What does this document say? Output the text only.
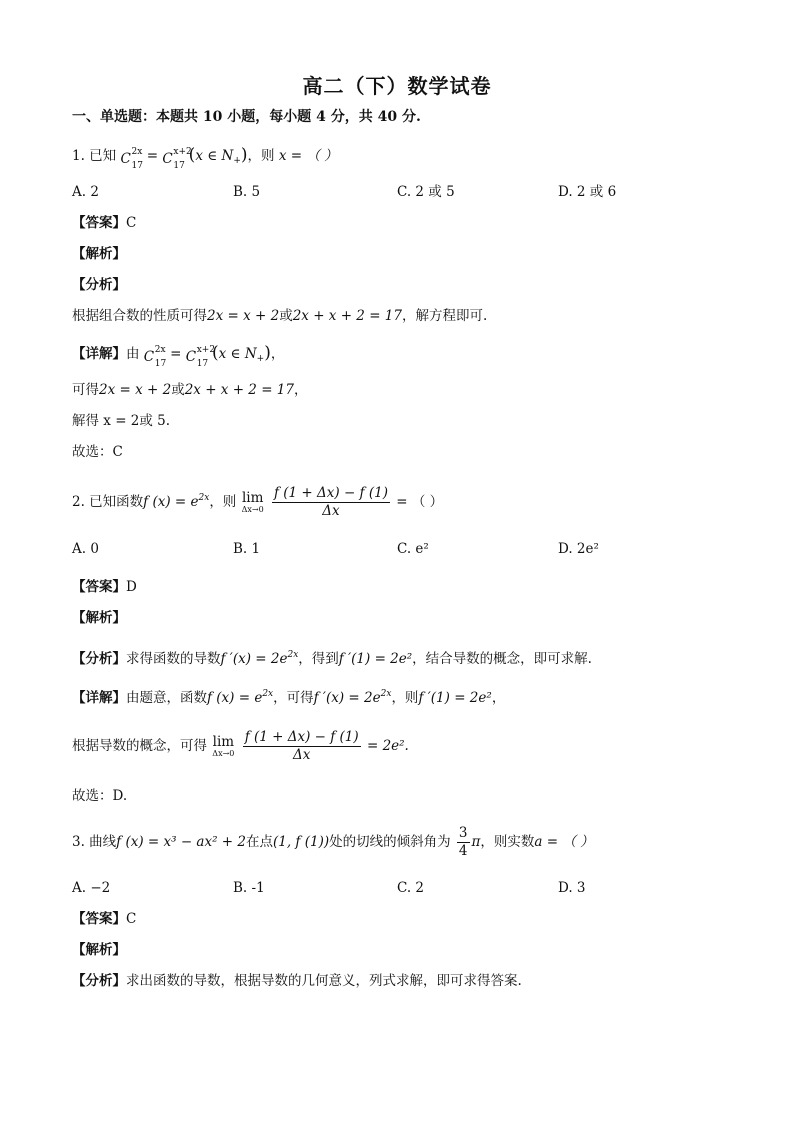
高二（下）数学试卷
一、单选题：本题共 10 小题，每小题 4 分，共 40 分.
1. 已知 C 2x
17
= C x+2
17
(x ∈ $N_+$)，则 x = （ ）
A. 2	B. 5	C. 2 或 5	D. 2 或 6
【答案】C
【解析】
【分析】
根据组合数的性质可得2x = x + 2或2x + x + 2 = 17，解方程即可.
【详解】由 C 2x
17
= C x+2
17
(x ∈ $N_+$)，
可得2x = x + 2或2x + x + 2 = 17，
解得 x = 2或 5.
故选：C
2. 已知函数f $(x) = e^{2x}$，则 lim
Δx→0
$\frac{f (1 + \Delta x) - f (1)}{\Delta x}$ = （ ）
A. 0	B. 1	C. e²	D. 2e²
【答案】D
【解析】
【分析】求得函数的导数f $'(x) = 2e^{2x}$，得到f ′(1) = 2e²，结合导数的概念，即可求解.
【详解】由题意，函数f $(x) = e^{2x}$，可得f $'(x) = 2e^{2x}$，则f ′(1) = 2e²，
根据导数的概念，可得 lim
Δx→0
$\frac{f (1 + \Delta x) - f (1)}{\Delta x} = 2e^2$.
故选：D.
3. 曲线f (x) = x³ − ax² + 2在点(1, f (1))处的切线的倾斜角为 $\frac{3}{4}$ π，则实数a = （ ）
A. −2	B. -1	C. 2	D. 3
【答案】C
【解析】
【分析】求出函数的导数，根据导数的几何意义，列式求解，即可求得答案.
